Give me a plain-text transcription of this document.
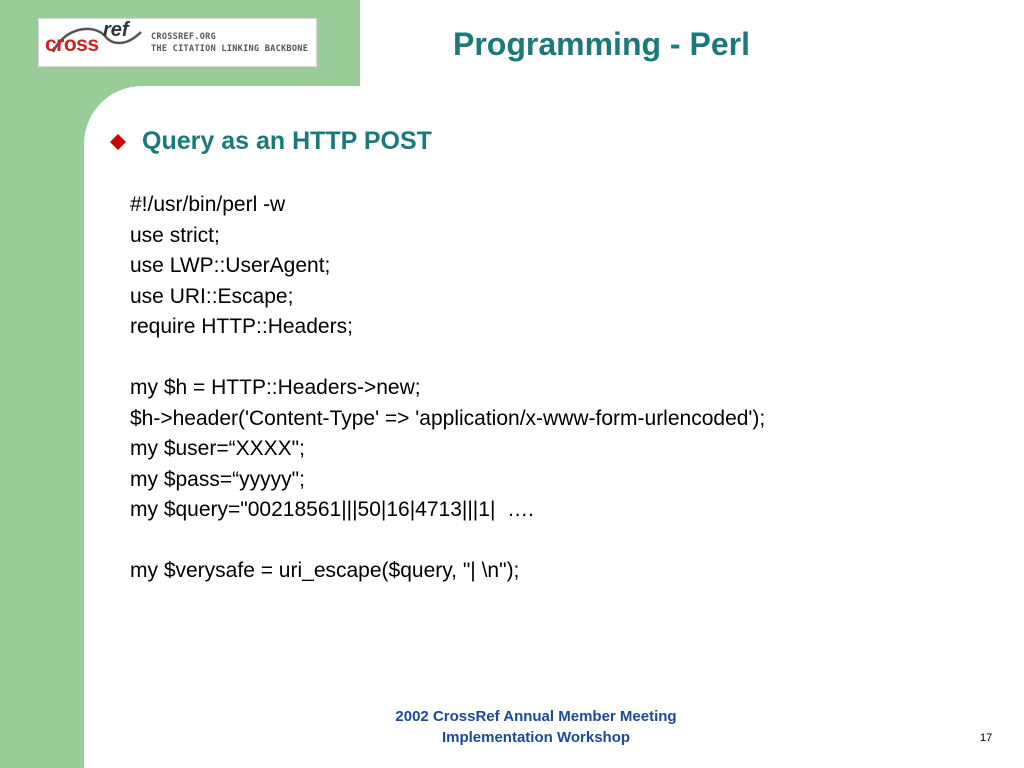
cross
ref	CROSSREF.ORG
THE CITATION LINKING BACKBONE	Programming - Perl
Query as an HTTP POST
#!/usr/bin/perl -w
use strict;
use LWP::UserAgent;
use URI::Escape;
require HTTP::Headers;
my $h = HTTP::Headers->new;
$h->header('Content-Type' => 'application/x-www-form-urlencoded');
my $user=“XXXX";
my $pass=“yyyyy";
my $query="00218561|||50|16|4713|||1|  ….
my $verysafe = uri_escape($query, "| \n");
2002 CrossRef Annual Member Meeting
Implementation Workshop	17
